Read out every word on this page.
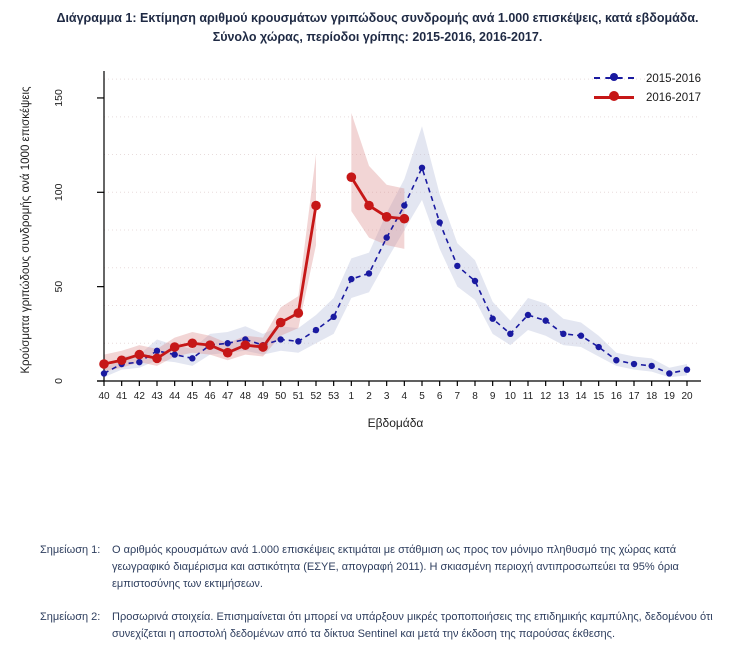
Διάγραμμα 1: Εκτίμηση αριθμού κρουσμάτων γριπώδους συνδρομής ανά 1.000 επισκέψεις, κατά εβδομάδα.
Σύνολο χώρας, περίοδοι γρίπης: 2015-2016, 2016-2017.
0
50
100
150
40 41 42 43 44 45 46 47 48 49 50 51 52 53 1 2 3 4 5 6 7 8 9 10 11 12 13 14 15 16 17 18 19 20
Κρούσματα γριπώδους συνδρομής ανά 1000 επισκέψεις
Εβδομάδα
2015-2016
2016-2017
Σημείωση 1:	Ο αριθμός κρουσμάτων ανά 1.000 επισκέψεις εκτιμάται με στάθμιση ως προς τον μόνιμο πληθυσμό της χώρας κατά γεωγραφικό διαμέρισμα και αστικότητα (ΕΣΥΕ, απογραφή 2011). Η σκιασμένη περιοχή αντιπροσωπεύει τα 95% όρια εμπιστοσύνης των εκτιμήσεων.
Σημείωση 2:	Προσωρινά στοιχεία. Επισημαίνεται ότι μπορεί να υπάρξουν μικρές τροποποιήσεις της επιδημικής καμπύλης, δεδομένου ότι συνεχίζεται η αποστολή δεδομένων από τα δίκτυα Sentinel και μετά την έκδοση της παρούσας έκθεσης.
